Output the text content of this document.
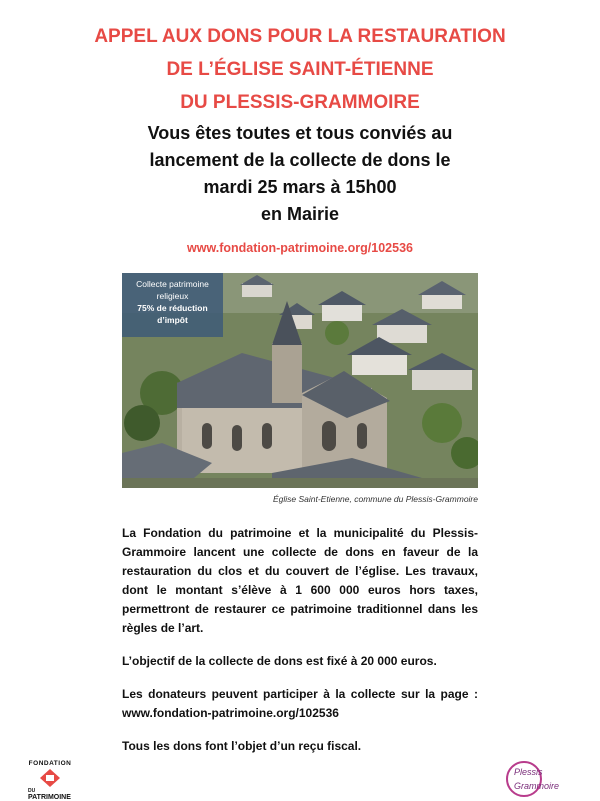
APPEL AUX DONS POUR LA RESTAURATION
DE L’ÉGLISE SAINT-ÉTIENNE
DU PLESSIS-GRAMMOIRE
Vous êtes toutes et tous conviés au
lancement de la collecte de dons le
mardi 25 mars à 15h00
en Mairie
www.fondation-patrimoine.org/102536
Collecte patrimoine
religieux
75% de réduction
d’impôt
Église Saint-Etienne, commune du Plessis-Grammoire

La Fondation du patrimoine et la municipalité du Plessis-Grammoire lancent une collecte de dons en faveur de la restauration du clos et du couvert de l’église. Les travaux, dont le montant s’élève à 1 600 000 euros hors taxes, permettront de restaurer ce patrimoine traditionnel dans les règles de l’art.

L’objectif de la collecte de dons est fixé à 20 000 euros.

Les donateurs peuvent participer à la collecte sur la page : www.fondation-patrimoine.org/102536

Tous les dons font l’objet d’un reçu fiscal.

FONDATION
DU
PATRIMOINE
Plessis
Grammoire
